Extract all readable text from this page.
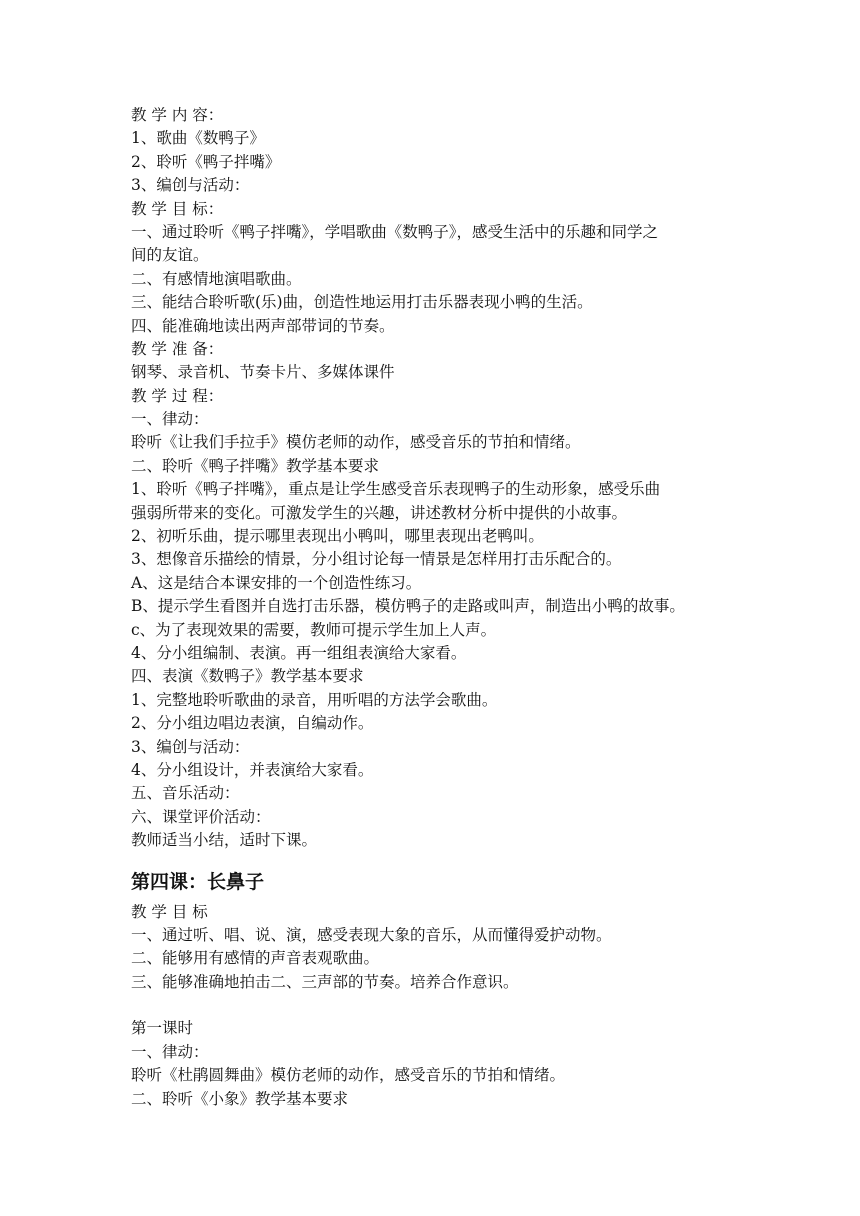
教 学 内 容：

1、歌曲《数鸭子》

2、聆听《鸭子拌嘴》

3、编创与活动：

教 学 目 标：

一、通过聆听《鸭子拌嘴》，学唱歌曲《数鸭子》，感受生活中的乐趣和同学之

间的友谊。

二、有感情地演唱歌曲。

三、能结合聆听歌(乐)曲，创造性地运用打击乐器表现小鸭的生活。

四、能准确地读出两声部带词的节奏。

教 学 准 备：

钢琴、录音机、节奏卡片、多媒体课件

教 学 过 程：

一、律动：

聆听《让我们手拉手》模仿老师的动作，感受音乐的节拍和情绪。

二、聆听《鸭子拌嘴》教学基本要求

1、聆听《鸭子拌嘴》，重点是让学生感受音乐表现鸭子的生动形象，感受乐曲

强弱所带来的变化。可激发学生的兴趣，讲述教材分析中提供的小故事。

2、初听乐曲，提示哪里表现出小鸭叫，哪里表现出老鸭叫。

3、想像音乐描绘的情景，分小组讨论每一情景是怎样用打击乐配合的。

A、这是结合本课安排的一个创造性练习。

B、提示学生看图并自选打击乐器，模仿鸭子的走路或叫声，制造出小鸭的故事。

c、为了表现效果的需要，教师可提示学生加上人声。

4、分小组编制、表演。再一组组表演给大家看。

四、表演《数鸭子》教学基本要求

1、完整地聆听歌曲的录音，用听唱的方法学会歌曲。

2、分小组边唱边表演，自编动作。

3、编创与活动：

4、分小组设计，并表演给大家看。

五、音乐活动：

六、课堂评价活动：

教师适当小结，适时下课。

第四课：长鼻子

教 学 目 标

一、通过听、唱、说、演，感受表现大象的音乐，从而懂得爱护动物。

二、能够用有感情的声音表观歌曲。

三、能够准确地拍击二、三声部的节奏。培养合作意识。

第一课时

一、律动：

聆听《杜鹃圆舞曲》模仿老师的动作，感受音乐的节拍和情绪。

二、聆听《小象》教学基本要求
